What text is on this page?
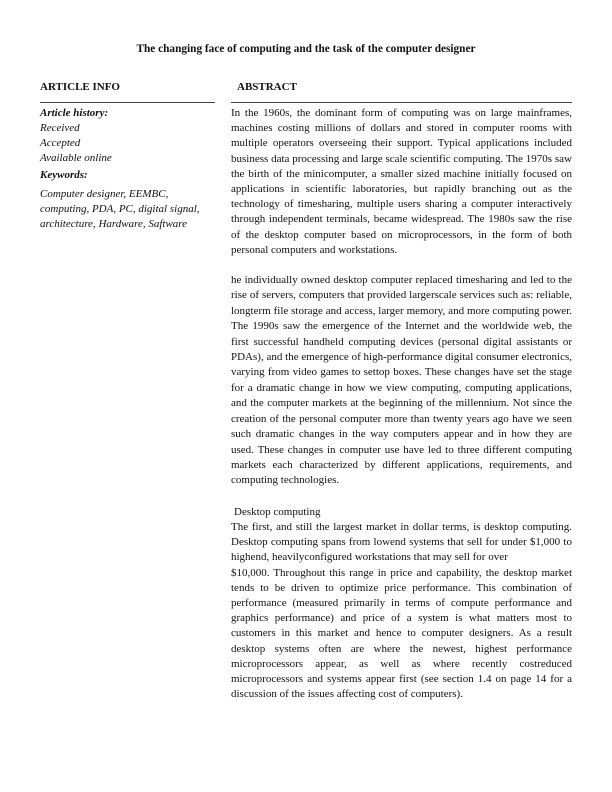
The changing face of computing and the task of the computer designer
ARTICLE INFO	ABSTRACT
Article history:
Received
Accepted
Available online
Keywords:
Computer designer, EEMBC, computing, PDA, PC, digital signal, architecture, Hardware, Saftware

In the 1960s, the dominant form of computing was on large mainframes, machines costing millions of dollars and stored in computer rooms with multiple operators overseeing their support. Typical applications included business data processing and large scale scientific computing. The 1970s saw the birth of the minicomputer, a smaller sized machine initially focused on applications in scientific laboratories, but rapidly branching out as the technology of timesharing, multiple users sharing a computer interactively through independent terminals, became widespread. The 1980s saw the rise of the desktop computer based on microprocessors, in the form of both personal computers and workstations.

he individually owned desktop computer replaced timesharing and led to the rise of servers, computers that provided largerscale services such as: reliable, longterm file storage and access, larger memory, and more computing power. The 1990s saw the emergence of the Internet and the worldwide web, the first successful handheld computing devices (personal digital assistants or PDAs), and the emergence of high-performance digital consumer electronics, varying from video games to settop boxes. These changes have set the stage for a dramatic change in how we view computing, computing applications, and the computer markets at the beginning of the millennium. Not since the creation of the personal computer more than twenty years ago have we seen such dramatic changes in the way computers appear and in how they are used. These changes in computer use have led to three different computing markets each characterized by different applications, requirements, and computing technologies.

Desktop computing

The first, and still the largest market in dollar terms, is desktop computing. Desktop computing spans from lowend systems that sell for under $1,000 to highend, heavilyconfigured workstations that may sell for over

$10,000. Throughout this range in price and capability, the desktop market tends to be driven to optimize price performance. This combination of performance (measured primarily in terms of compute performance and graphics performance) and price of a system is what matters most to customers in this market and hence to computer designers. As a result desktop systems often are where the newest, highest performance microprocessors appear, as well as where recently costreduced microprocessors and systems appear first (see section 1.4 on page 14 for a discussion of the issues affecting cost of computers).
